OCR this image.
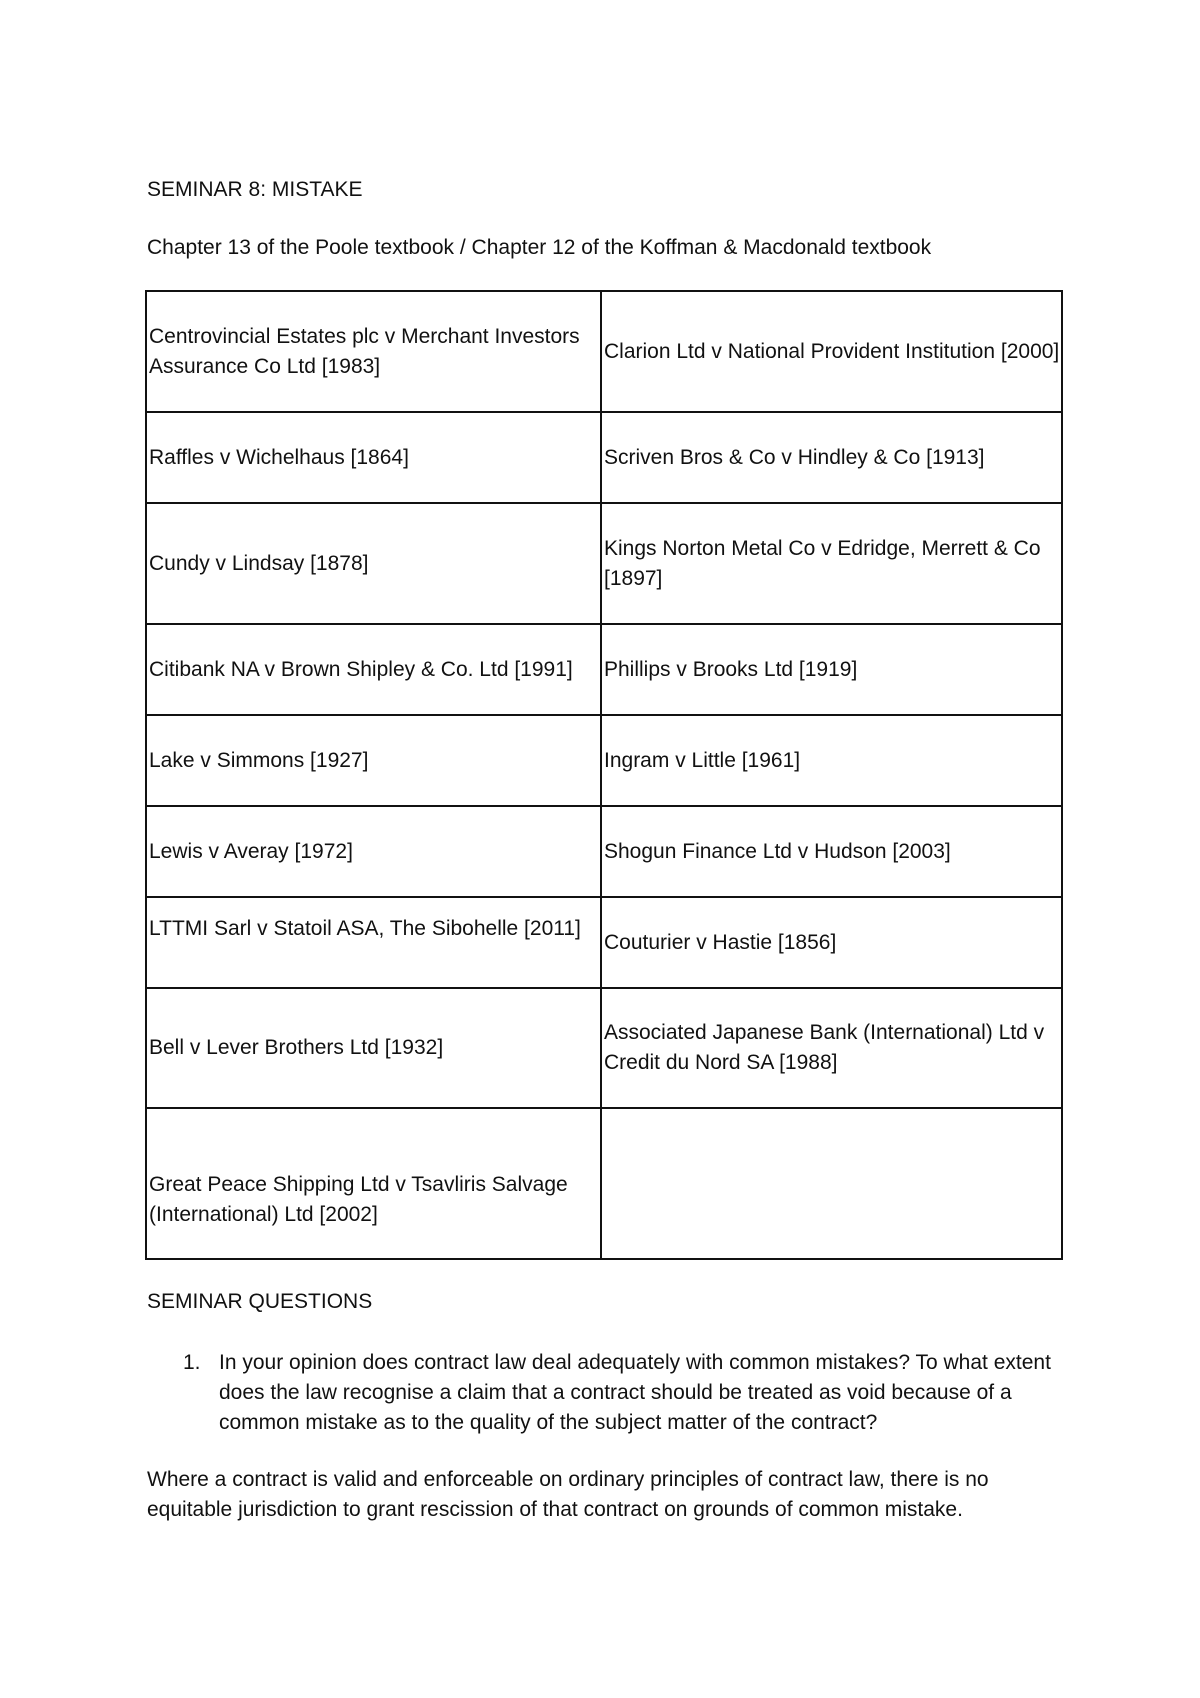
SEMINAR 8: MISTAKE
Chapter 13 of the Poole textbook / Chapter 12 of the Koffman & Macdonald textbook
Centrovincial Estates plc v Merchant Investors Assurance Co Ltd [1983]	Clarion Ltd v National Provident Institution [2000]
Raffles v Wichelhaus [1864]	Scriven Bros & Co v Hindley & Co [1913]
Cundy v Lindsay [1878]	Kings Norton Metal Co v Edridge, Merrett & Co [1897]
Citibank NA v Brown Shipley & Co. Ltd [1991]	Phillips v Brooks Ltd [1919]
Lake v Simmons [1927]	Ingram v Little [1961]
Lewis v Averay [1972]	Shogun Finance Ltd v Hudson [2003]
LTTMI Sarl v Statoil ASA, The Sibohelle [2011]	Couturier v Hastie [1856]
Bell v Lever Brothers Ltd [1932]	Associated Japanese Bank (International) Ltd v Credit du Nord SA [1988]

Great Peace Shipping Ltd v Tsavliris Salvage (International) Ltd [2002]	

SEMINAR QUESTIONS
1. In your opinion does contract law deal adequately with common mistakes? To what extent does the law recognise a claim that a contract should be treated as void because of a common mistake as to the quality of the subject matter of the contract?
Where a contract is valid and enforceable on ordinary principles of contract law, there is no equitable jurisdiction to grant rescission of that contract on grounds of common mistake.
